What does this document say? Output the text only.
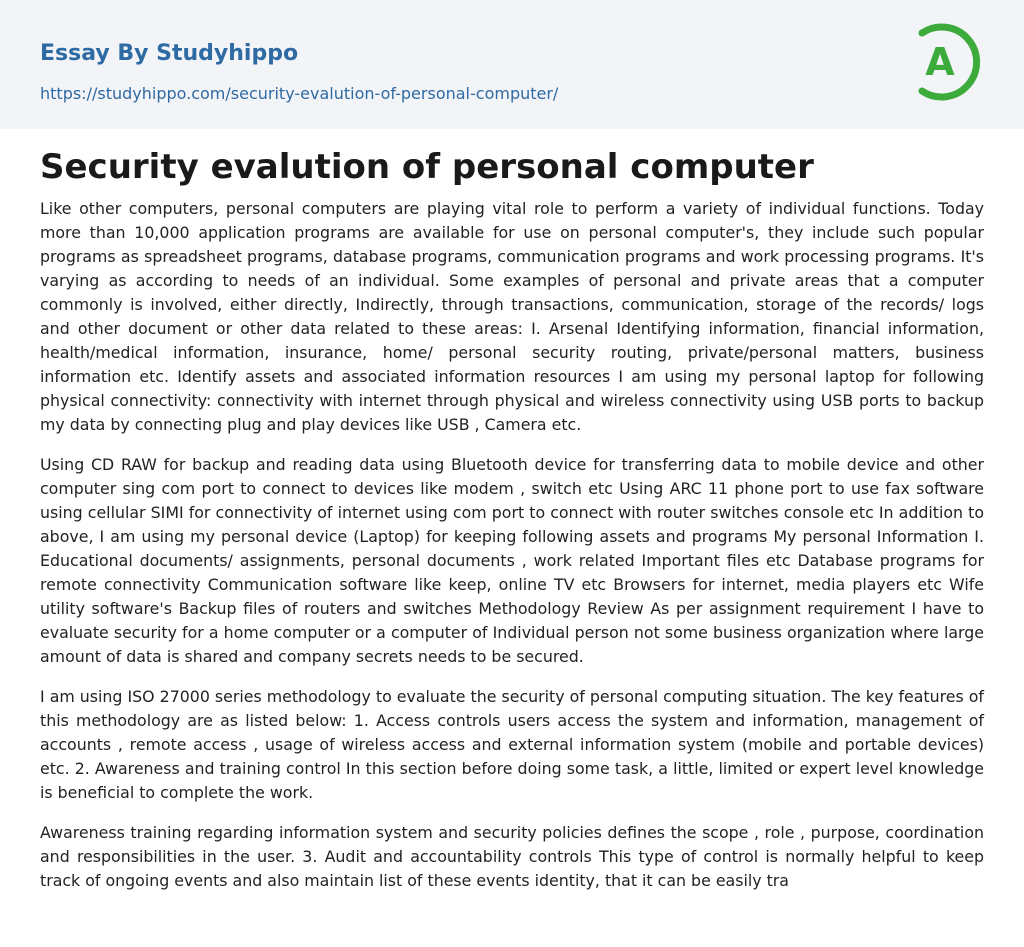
Essay By Studyhippo
https://studyhippo.com/security-evalution-of-personal-computer/
A
Security evalution of personal computer

Like other computers, personal computers are playing vital role to perform a variety of individual functions. Today more than 10,000 application programs are available for use on personal computer's, they include such popular programs as spreadsheet programs, database programs, communication programs and work processing programs. It's varying as according to needs of an individual. Some examples of personal and private areas that a computer commonly is involved, either directly, Indirectly, through transactions, communication, storage of the records/ logs and other document or other data related to these areas: I. Arsenal Identifying information, financial information, health/medical information, insurance, home/ personal security routing, private/personal matters, business information etc. Identify assets and associated information resources I am using my personal laptop for following physical connectivity: connectivity with internet through physical and wireless connectivity using USB ports to backup my data by connecting plug and play devices like USB , Camera etc.

Using CD RAW for backup and reading data using Bluetooth device for transferring data to mobile device and other computer sing com port to connect to devices like modem , switch etc Using ARC 11 phone port to use fax software using cellular SIMI for connectivity of internet using com port to connect with router switches console etc In addition to above, I am using my personal device (Laptop) for keeping following assets and programs My personal Information I. Educational documents/ assignments, personal documents , work related Important files etc Database programs for remote connectivity Communication software like keep, online TV etc Browsers for internet, media players etc Wife utility software's Backup files of routers and switches Methodology Review As per assignment requirement I have to evaluate security for a home computer or a computer of Individual person not some business organization where large amount of data is shared and company secrets needs to be secured.

I am using ISO 27000 series methodology to evaluate the security of personal computing situation. The key features of this methodology are as listed below: 1. Access controls users access the system and information, management of accounts , remote access , usage of wireless access and external information system (mobile and portable devices) etc. 2. Awareness and training control In this section before doing some task, a little, limited or expert level knowledge is beneficial to complete the work.

Awareness training regarding information system and security policies defines the scope , role , purpose, coordination and responsibilities in the user. 3. Audit and accountability controls This type of control is normally helpful to keep track of ongoing events and also maintain list of these events identity, that it can be easily tra
